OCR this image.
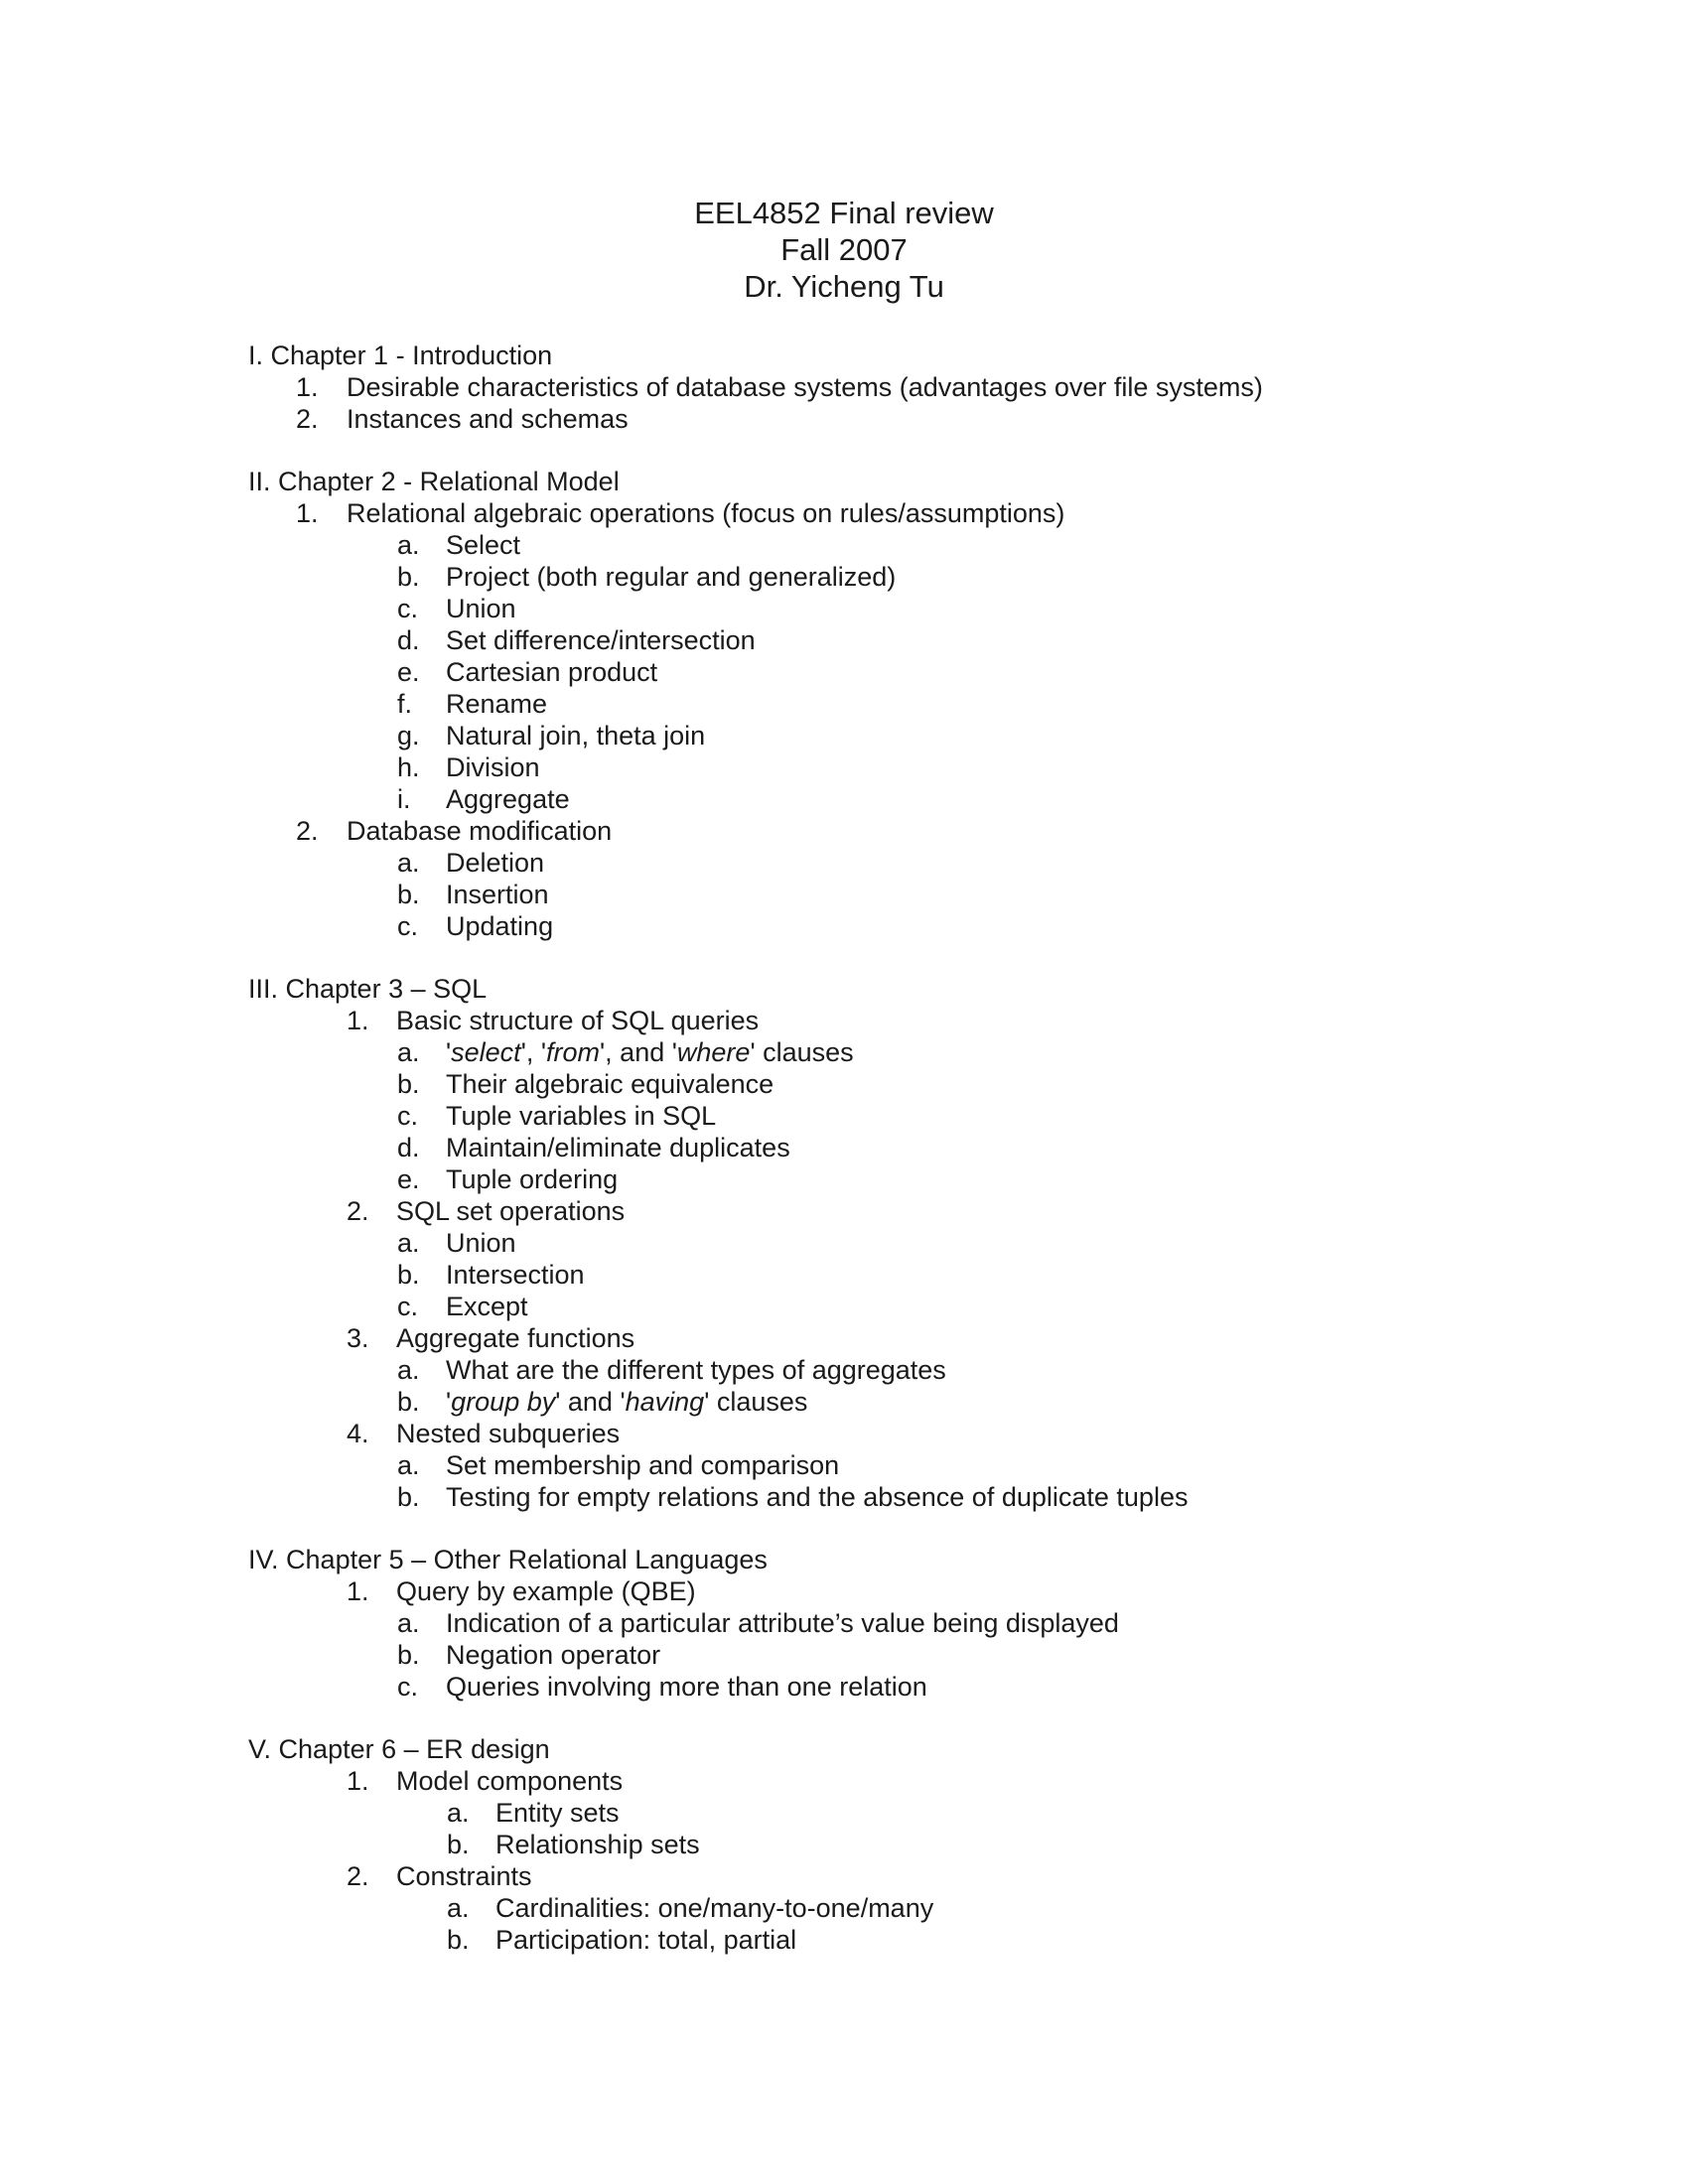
EEL4852 Final review
Fall 2007
Dr. Yicheng Tu
I. Chapter 1 - Introduction
1. Desirable characteristics of database systems (advantages over file systems)
2. Instances and schemas
II. Chapter 2 - Relational Model
1. Relational algebraic operations (focus on rules/assumptions)
a. Select
b. Project (both regular and generalized)
c. Union
d. Set difference/intersection
e. Cartesian product
f. Rename
g. Natural join, theta join
h. Division
i. Aggregate
2. Database modification
a. Deletion
b. Insertion
c. Updating
III. Chapter 3 – SQL
1. Basic structure of SQL queries
a. 'select', 'from', and 'where' clauses
b. Their algebraic equivalence
c. Tuple variables in SQL
d. Maintain/eliminate duplicates
e. Tuple ordering
2. SQL set operations
a. Union
b. Intersection
c. Except
3. Aggregate functions
a. What are the different types of aggregates
b. 'group by' and 'having' clauses
4. Nested subqueries
a. Set membership and comparison
b. Testing for empty relations and the absence of duplicate tuples
IV. Chapter 5 – Other Relational Languages
1. Query by example (QBE)
a. Indication of a particular attribute’s value being displayed
b. Negation operator
c. Queries involving more than one relation
V. Chapter 6 – ER design
1. Model components
a. Entity sets
b. Relationship sets
2. Constraints
a. Cardinalities: one/many-to-one/many
b. Participation: total, partial
